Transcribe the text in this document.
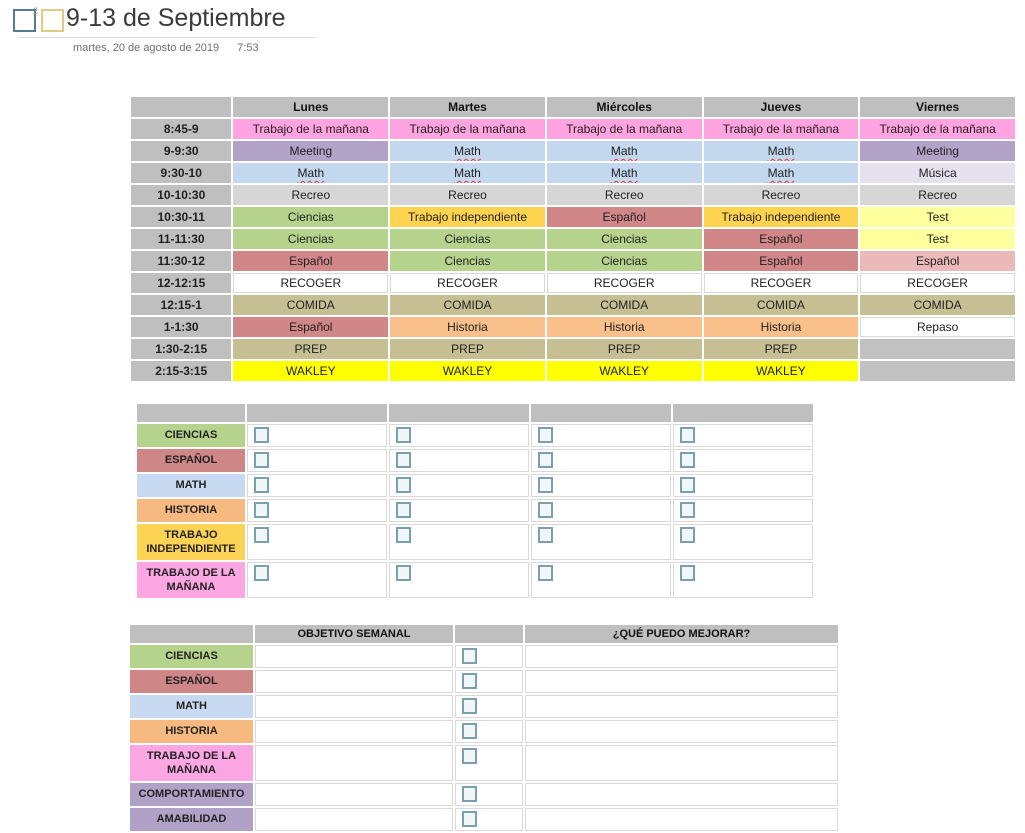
2 9-13 de Septiembre
martes, 20 de agosto de 2019 7:53
	Lunes	Martes	Miércoles	Jueves	Viernes
8:45-9	Trabajo de la mañana	Trabajo de la mañana	Trabajo de la mañana	Trabajo de la mañana	Trabajo de la mañana
9-9:30	Meeting	Math	Math	Math	Meeting
9:30-10	Math	Math	Math	Math	Música
10-10:30	Recreo	Recreo	Recreo	Recreo	Recreo
10:30-11	Ciencias	Trabajo independiente	Español	Trabajo independiente	Test
11-11:30	Ciencias	Ciencias	Ciencias	Español	Test
11:30-12	Español	Ciencias	Ciencias	Español	Español
12-12:15	RECOGER	RECOGER	RECOGER	RECOGER	RECOGER
12:15-1	COMIDA	COMIDA	COMIDA	COMIDA	COMIDA
1-1:30	Español	Historia	Historia	Historia	Repaso
1:30-2:15	PREP	PREP	PREP	PREP	
2:15-3:15	WAKLEY	WAKLEY	WAKLEY	WAKLEY	

CIENCIAS				
ESPAÑOL				
MATH				
HISTORIA				
TRABAJO INDEPENDIENTE				
TRABAJO DE LA MAÑANA				
	OBJETIVO SEMANAL		¿QUÉ PUEDO MEJORAR?
CIENCIAS			
ESPAÑOL			
MATH			
HISTORIA			
TRABAJO DE LA MAÑANA			
COMPORTAMIENTO			
AMABILIDAD			
